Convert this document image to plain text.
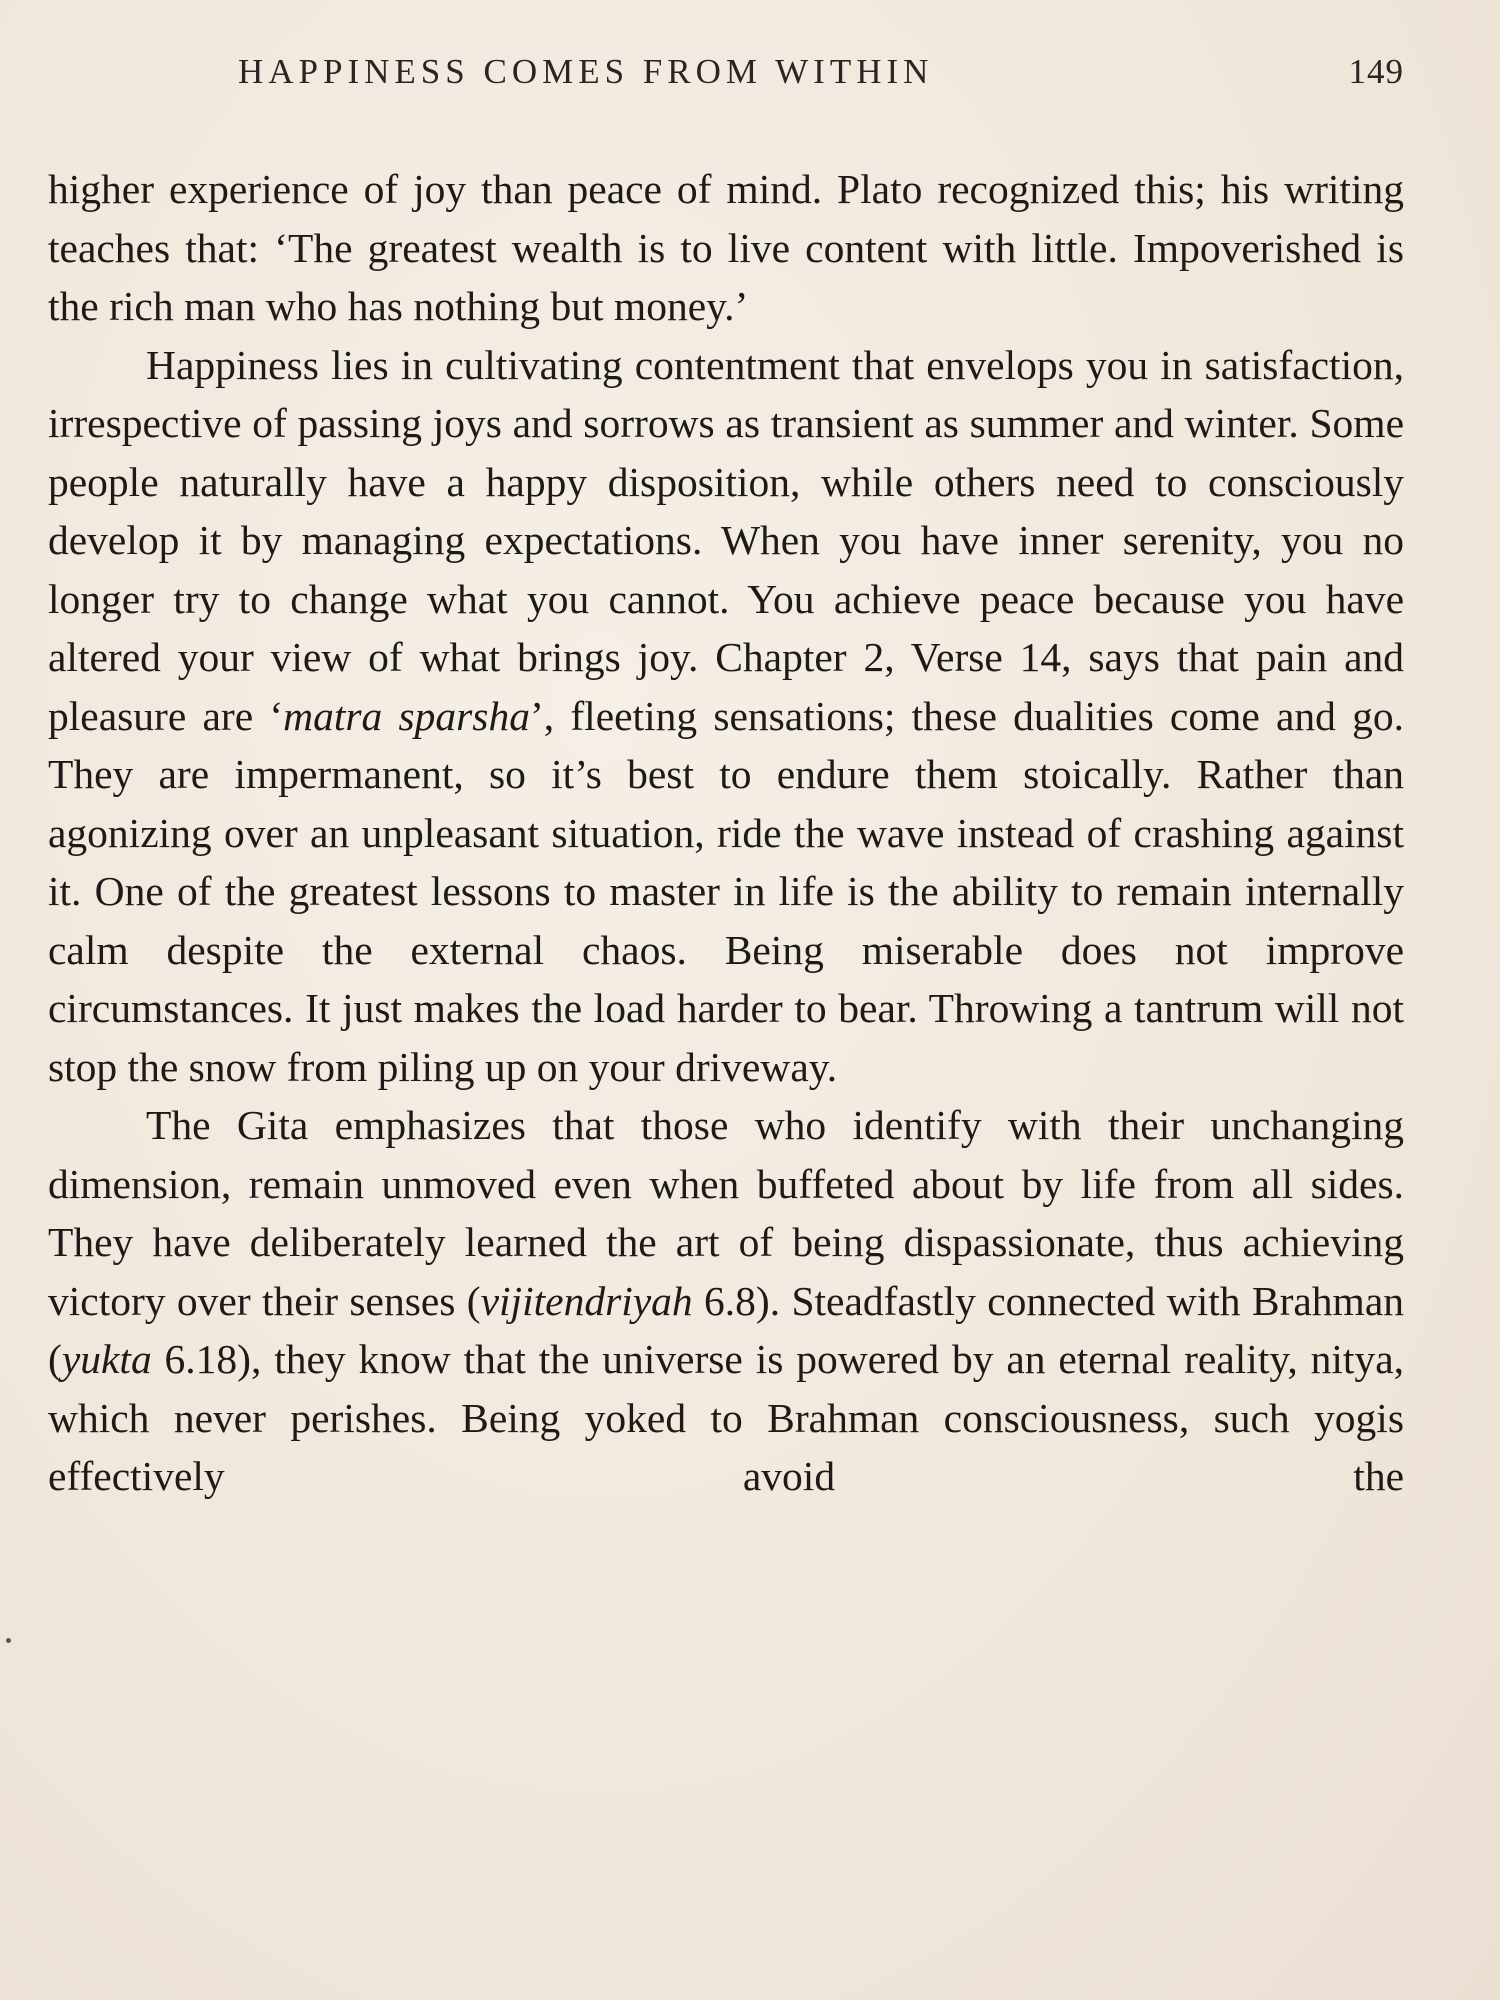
HAPPINESS COMES FROM WITHIN	149

higher experience of joy than peace of mind. Plato recognized this; his writing teaches that: ‘The greatest wealth is to live content with little. Impoverished is the rich man who has nothing but money.’

Happiness lies in cultivating contentment that envelops you in satisfaction, irrespective of passing joys and sorrows as transient as summer and winter. Some people naturally have a happy disposition, while others need to consciously develop it by managing expectations. When you have inner serenity, you no longer try to change what you cannot. You achieve peace because you have altered your view of what brings joy. Chapter 2, Verse 14, says that pain and pleasure are ‘matra sparsha’, fleeting sensations; these dualities come and go. They are impermanent, so it’s best to endure them stoically. Rather than agonizing over an unpleasant situation, ride the wave instead of crashing against it. One of the greatest lessons to master in life is the ability to remain internally calm despite the external chaos. Being miserable does not improve circumstances. It just makes the load harder to bear. Throwing a tantrum will not stop the snow from piling up on your driveway.

The Gita emphasizes that those who identify with their unchanging dimension, remain unmoved even when buffeted about by life from all sides. They have deliberately learned the art of being dispassionate, thus achieving victory over their senses (vijitendriyah 6.8). Steadfastly connected with Brahman (yukta 6.18), they know that the universe is powered by an eternal reality, nitya, which never perishes. Being yoked to Brahman consciousness, such yogis effectively avoid the
